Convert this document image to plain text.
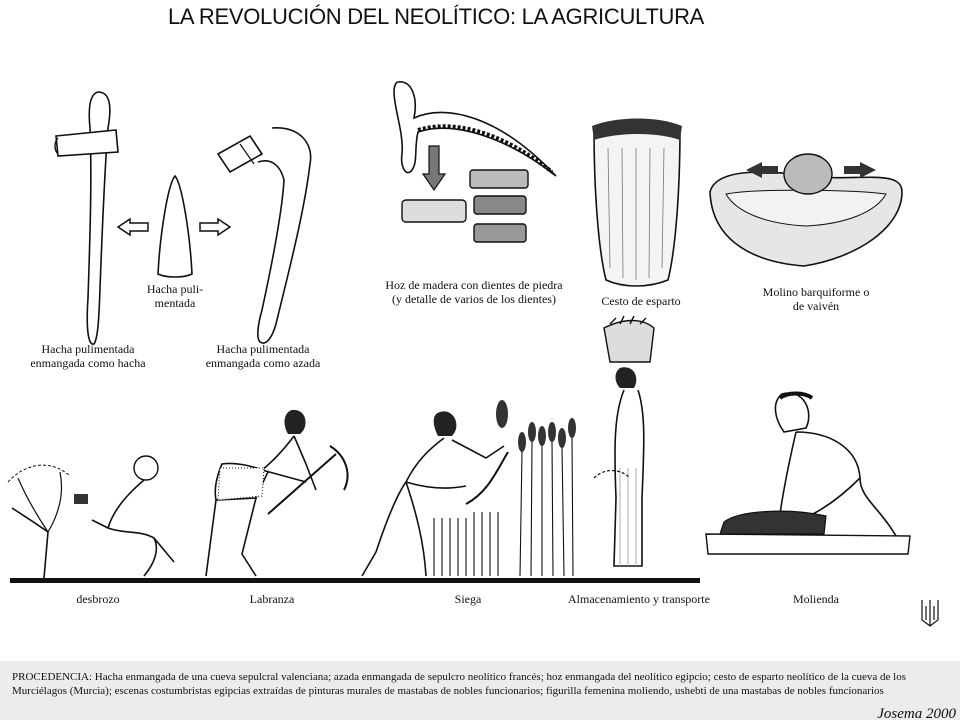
LA REVOLUCIÓN DEL NEOLÍTICO: LA AGRICULTURA
Hacha puli-
mentada
Hacha pulimentada
enmangada como hacha
Hacha pulimentada
enmangada como azada
Hoz de madera con dientes de piedra
(y detalle de varios de los dientes)	Cesto de esparto
Molino barquiforme o
de vaivén
desbrozo	Labranza	Siega	Almacenamiento y transporte	Molienda
PROCEDENCIA: Hacha enmangada de una cueva sepulcral valenciana; azada enmangada de sepulcro neolítico francés; hoz enmangada del neolítico egipcio; cesto de esparto neolítico de la cueva de los Murciélagos (Murcia); escenas costumbristas egipcias extraídas de pinturas murales de mastabas de nobles funcionarios; figurilla femenina moliendo, ushebti de una mastabas de nobles funcionarios
Josema 2000
